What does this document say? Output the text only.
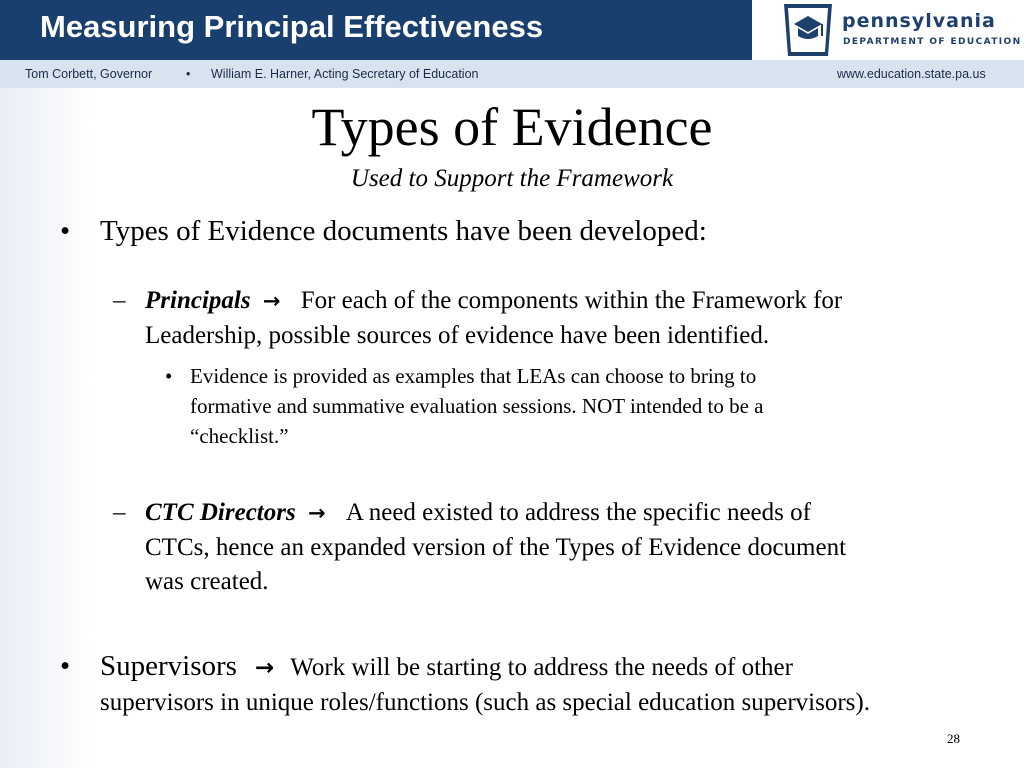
Measuring Principal Effectiveness	pennsylvania
DEPARTMENT OF EDUCATION
Tom Corbett, Governor	• William E. Harner, Acting Secretary of Education	www.education.state.pa.us
Types of Evidence
Used to Support the Framework
• Types of Evidence documents have been developed:
– Principals → For each of the components within the Framework for
Leadership, possible sources of evidence have been identified.
• Evidence is provided as examples that LEAs can choose to bring to
formative and summative evaluation sessions. NOT intended to be a
“checklist.”
– CTC Directors → A need existed to address the specific needs of
CTCs, hence an expanded version of the Types of Evidence document
was created.
• Supervisors → Work will be starting to address the needs of other
supervisors in unique roles/functions (such as special education supervisors).
28
